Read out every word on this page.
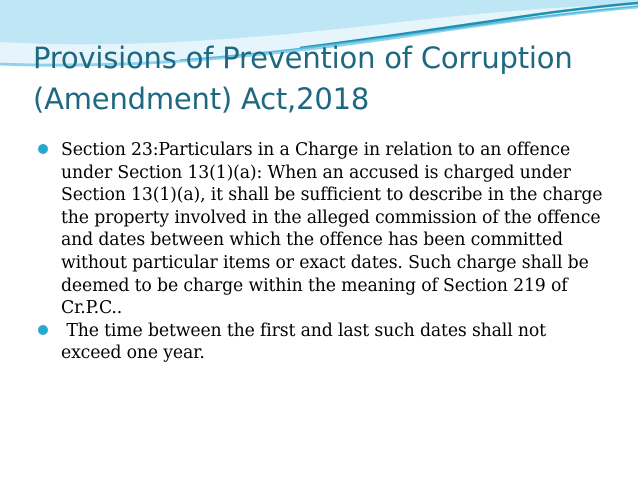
Provisions of Prevention of Corruption (Amendment) Act,2018
Section 23:Particulars in a Charge in relation to an offence under Section 13(1)(a): When an accused is charged under Section 13(1)(a), it shall be sufficient to describe in the charge the property involved in the alleged commission of the offence and dates between which the offence has been committed without particular items or exact dates. Such charge shall be deemed to be charge within the meaning of Section 219 of Cr.P.C..
The time between the first and last such dates shall not exceed one year.
